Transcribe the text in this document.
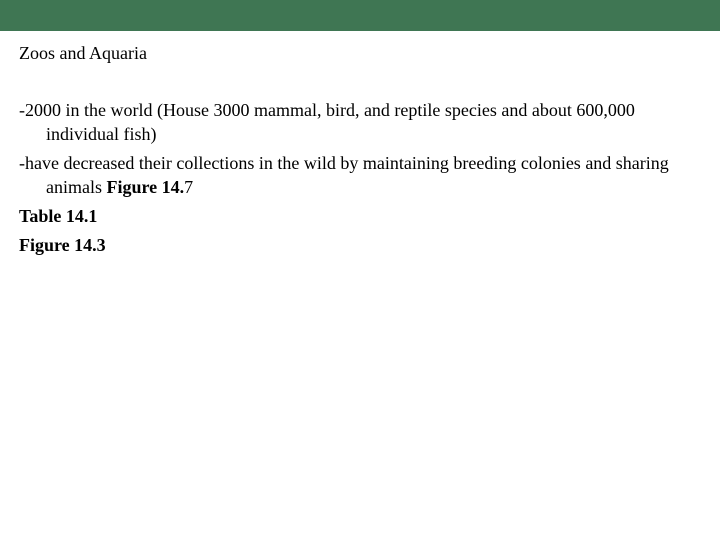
Zoos and Aquaria

-2000 in the world (House 3000 mammal, bird, and reptile species and about 600,000 individual fish)

-have decreased their collections in the wild by maintaining breeding colonies and sharing animals Figure 14.7

Table 14.1

Figure 14.3
